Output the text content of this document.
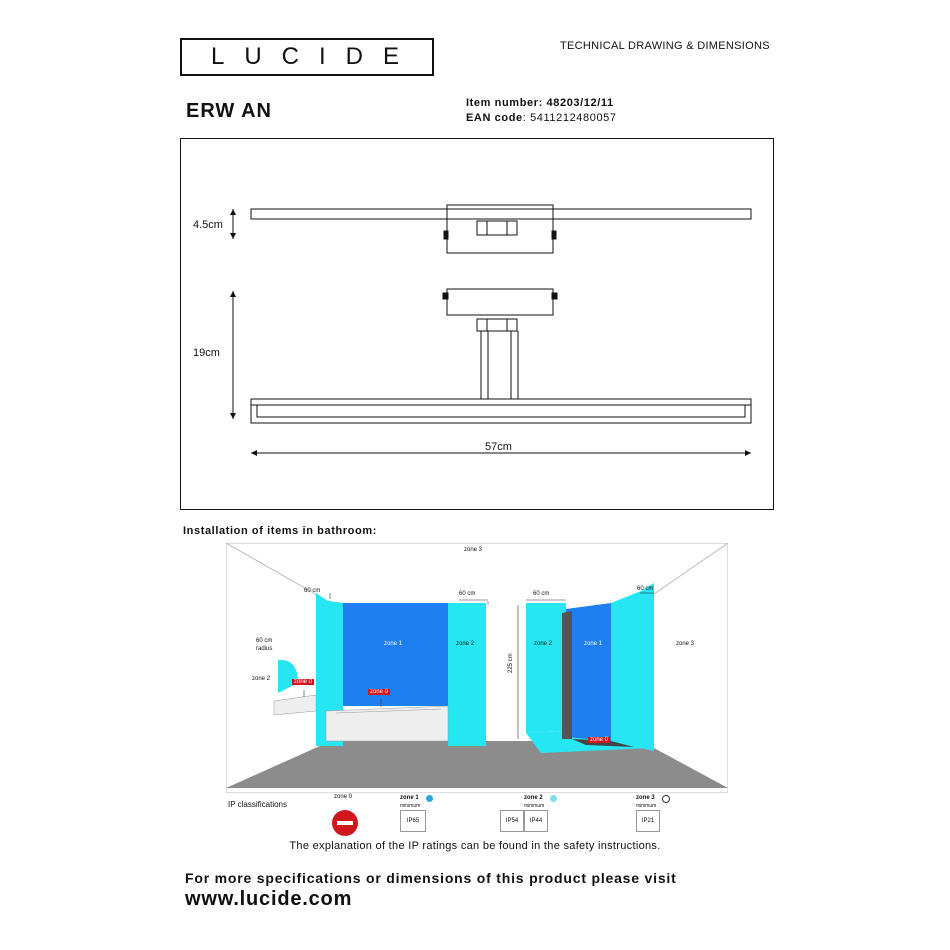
LUCIDE	TECHNICAL DRAWING & DIMENSIONS
ERW AN	Item number: 48203/12/11
EAN code: 5411212480057
4.5cm
19cm
57cm
Installation of items in bathroom:
zone 3
zone 3
60 cm	60 cm	60 cm
60 cm
60 cm
radius
zone 2	zone 0
zone 1
zone 0
zone 2
225 cm
zone 2	zone 1
zone 0
IP classifications
zone 0	zone 1
minimum
IP65
zone 2
minimum
IP54	IP44
zone 3
minimum
IP21
The explanation of the IP ratings can be found in the safety instructions.
For more specifications or dimensions of this product please visit
www.lucide.com
